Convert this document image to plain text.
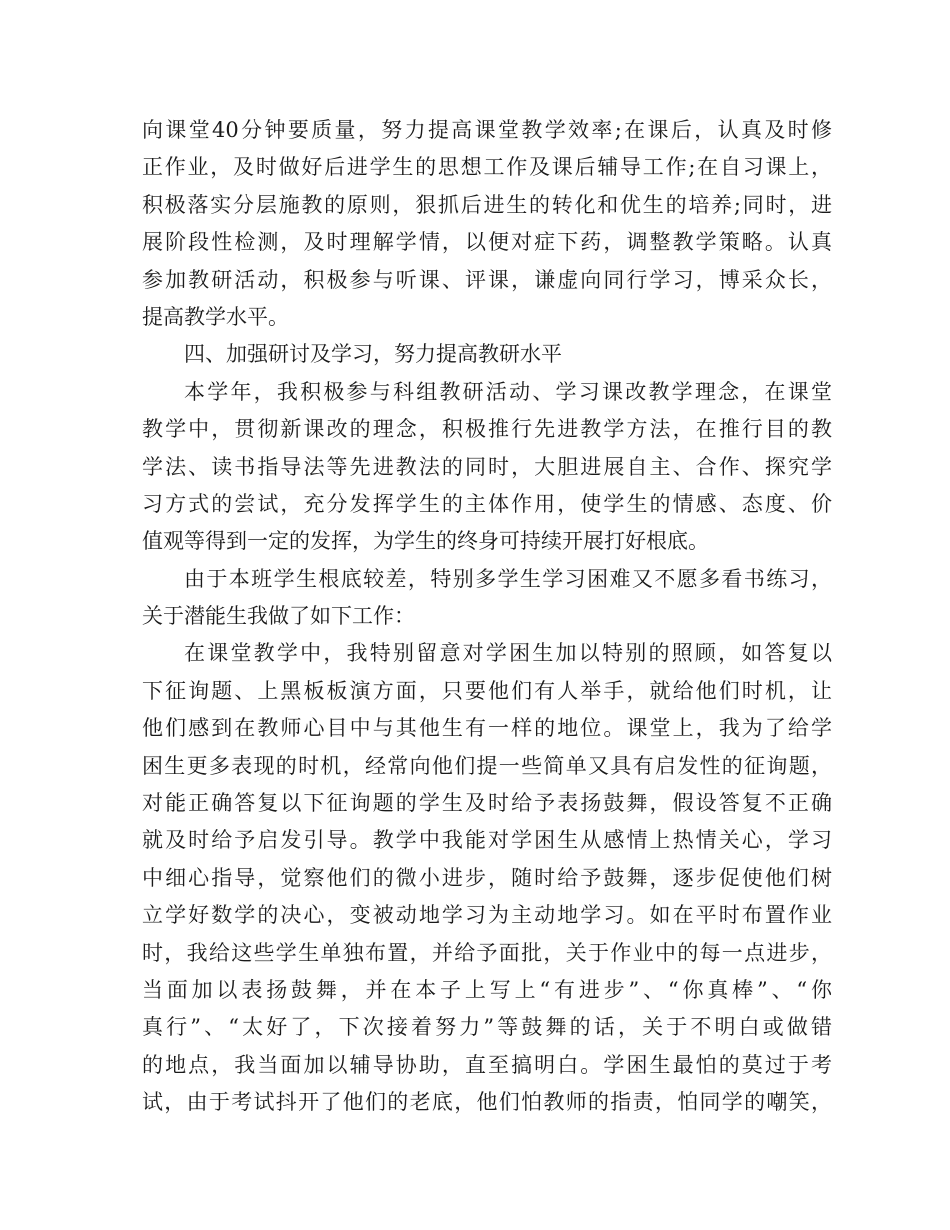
向课堂40分钟要质量，努力提高课堂教学效率;在课后，认真及时修
正作业，及时做好后进学生的思想工作及课后辅导工作;在自习课上，
积极落实分层施教的原则，狠抓后进生的转化和优生的培养;同时，进
展阶段性检测，及时理解学情，以便对症下药，调整教学策略。认真
参加教研活动，积极参与听课、评课，谦虚向同行学习，博采众长，
提高教学水平。
四、加强研讨及学习，努力提高教研水平
本学年，我积极参与科组教研活动、学习课改教学理念，在课堂
教学中，贯彻新课改的理念，积极推行先进教学方法，在推行目的教
学法、读书指导法等先进教法的同时，大胆进展自主、合作、探究学
习方式的尝试，充分发挥学生的主体作用，使学生的情感、态度、价
值观等得到一定的发挥，为学生的终身可持续开展打好根底。
由于本班学生根底较差，特别多学生学习困难又不愿多看书练习，
关于潜能生我做了如下工作：
在课堂教学中，我特别留意对学困生加以特别的照顾，如答复以
下征询题、上黑板板演方面，只要他们有人举手，就给他们时机，让
他们感到在教师心目中与其他生有一样的地位。课堂上，我为了给学
困生更多表现的时机，经常向他们提一些简单又具有启发性的征询题，
对能正确答复以下征询题的学生及时给予表扬鼓舞，假设答复不正确
就及时给予启发引导。教学中我能对学困生从感情上热情关心，学习
中细心指导，觉察他们的微小进步，随时给予鼓舞，逐步促使他们树
立学好数学的决心，变被动地学习为主动地学习。如在平时布置作业
时，我给这些学生单独布置，并给予面批，关于作业中的每一点进步，
当面加以表扬鼓舞，并在本子上写上“有进步”、“你真棒”、“你
真行”、“太好了，下次接着努力”等鼓舞的话，关于不明白或做错
的地点，我当面加以辅导协助，直至搞明白。学困生最怕的莫过于考
试，由于考试抖开了他们的老底，他们怕教师的指责，怕同学的嘲笑，
